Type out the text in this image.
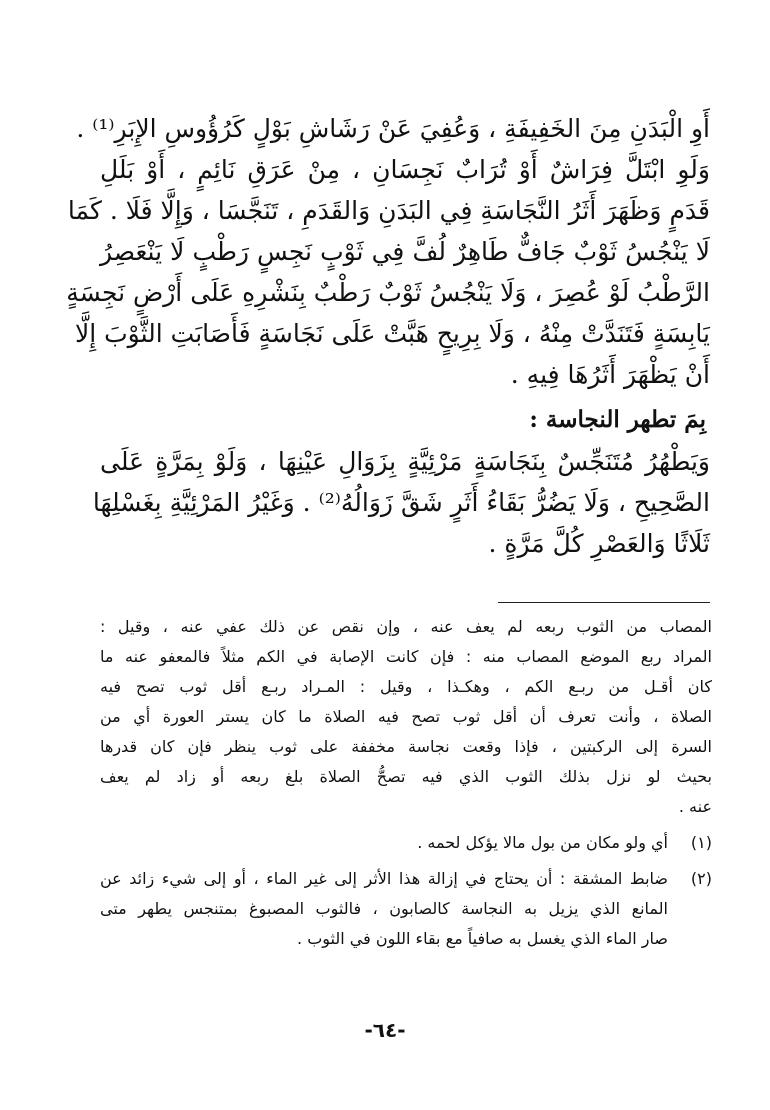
أَوِ الْبَدَنِ مِنَ الخَفِيفَةِ ، وَعُفِيَ عَنْ رَشَاشِ بَوْلٍ كَرُؤُوسِ الإِبَرِ⁽¹⁾ .
وَلَوِ ابْتَلَّ فِرَاشٌ أَوْ تُرَابٌ نَجِسَانِ ، مِنْ عَرَقِ نَائِمٍ ، أَوْ بَلَلِ
قَدَمٍ وَظَهَرَ أَثَرُ النَّجَاسَةِ فِي البَدَنِ وَالقَدَمِ ، تَنَجَّسَا ، وَإِلَّا فَلَا . كَمَا
لَا يَنْجُسُ ثَوْبٌ جَافٌّ طَاهِرٌ لُفَّ فِي ثَوْبٍ نَجِسٍ رَطْبٍ لَا يَنْعَصِرُ
الرَّطْبُ لَوْ عُصِرَ ، وَلَا يَنْجُسُ ثَوْبٌ رَطْبٌ بِنَشْرِهِ عَلَى أَرْضٍ نَجِسَةٍ
يَابِسَةٍ فَتَنَدَّتْ مِنْهُ ، وَلَا بِرِيحٍ هَبَّتْ عَلَى نَجَاسَةٍ فَأَصَابَتِ الثَّوْبَ إِلَّا
أَنْ يَظْهَرَ أَثَرُهَا فِيهِ .
بِمَ تطهر النجاسة :
وَيَطْهُرُ مُتَنَجِّسٌ بِنَجَاسَةٍ مَرْئِيَّةٍ بِزَوَالِ عَيْنِهَا ، وَلَوْ بِمَرَّةٍ عَلَى
الصَّحِيحِ ، وَلَا يَضُرُّ بَقَاءُ أَثَرٍ شَقَّ زَوَالُهُ⁽²⁾ . وَغَيْرُ المَرْئِيَّةِ بِغَسْلِهَا
ثَلَاثًا وَالعَصْرِ كُلَّ مَرَّةٍ .
المصاب من الثوب ربعه لم يعف عنه ، وإن نقص عن ذلك عفي عنه ، وقيل :
المراد ربع الموضع المصاب منه : فإن كانت الإصابة في الكم مثلاً فالمعفو عنه ما
كان أقـل من ربـع الكم ، وهكـذا ، وقيل : المـراد ربـع أقل ثوب تصح فيه
الصلاة ، وأنت تعرف أن أقل ثوب تصح فيه الصلاة ما كان يستر العورة أي من
السرة إلى الركبتين ، فإذا وقعت نجاسة مخففة على ثوب ينظر فإن كان قدرها
بحيث لو نزل بذلك الثوب الذي فيه تصحُّ الصلاة بلغ ربعه أو زاد لم يعف
عنه .
(١)
أي ولو مكان من بول مالا يؤكل لحمه .
(٢)
ضابط المشقة : أن يحتاج في إزالة هذا الأثر إلى غير الماء ، أو إلى شيء زائد عن
المانع الذي يزيل به النجاسة كالصابون ، فالثوب المصبوغ بمتنجس يطهر متى
صار الماء الذي يغسل به صافياً مع بقاء اللون في الثوب .
-٦٤-
